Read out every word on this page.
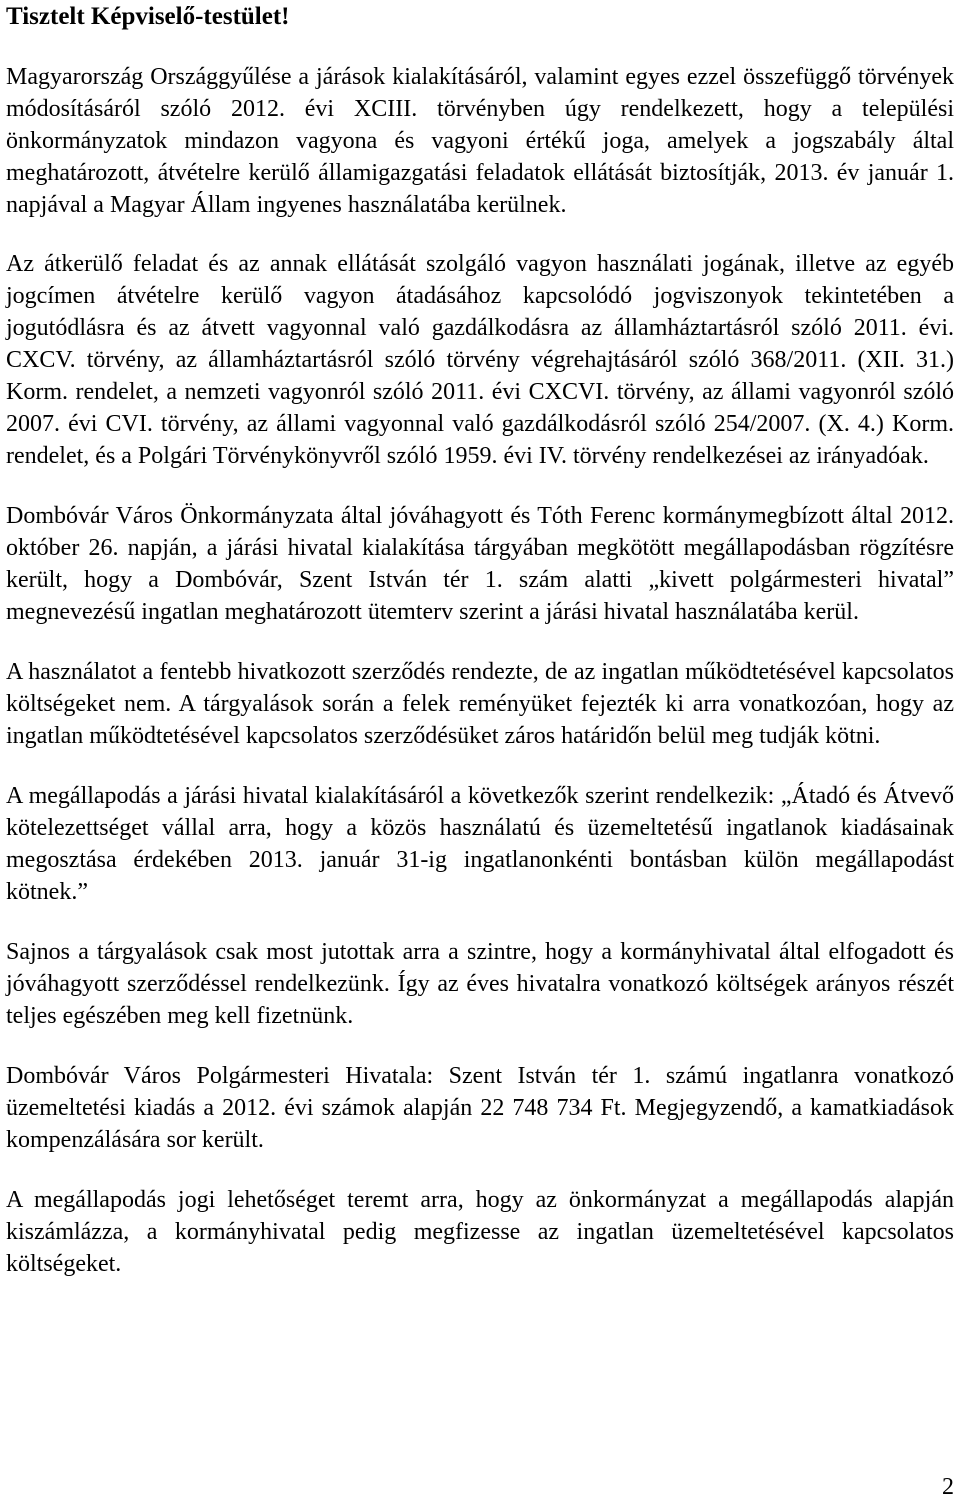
Tisztelt Képviselő-testület!

Magyarország Országgyűlése a járások kialakításáról, valamint egyes ezzel összefüggő törvények módosításáról szóló 2012. évi XCIII. törvényben úgy rendelkezett, hogy a települési önkormányzatok mindazon vagyona és vagyoni értékű joga, amelyek a jogszabály által meghatározott, átvételre kerülő államigazgatási feladatok ellátását biztosítják, 2013. év január 1. napjával a Magyar Állam ingyenes használatába kerülnek.

Az átkerülő feladat és az annak ellátását szolgáló vagyon használati jogának, illetve az egyéb jogcímen átvételre kerülő vagyon átadásához kapcsolódó jogviszonyok tekintetében a jogutódlásra és az átvett vagyonnal való gazdálkodásra az államháztartásról szóló 2011. évi. CXCV. törvény, az államháztartásról szóló törvény végrehajtásáról szóló 368/2011. (XII. 31.) Korm. rendelet, a nemzeti vagyonról szóló 2011. évi CXCVI. törvény, az állami vagyonról szóló 2007. évi CVI. törvény, az állami vagyonnal való gazdálkodásról szóló 254/2007. (X. 4.) Korm. rendelet, és a Polgári Törvénykönyvről szóló 1959. évi IV. törvény rendelkezései az irányadóak.

Dombóvár Város Önkormányzata által jóváhagyott és Tóth Ferenc kormánymegbízott által 2012. október 26. napján, a járási hivatal kialakítása tárgyában megkötött megállapodásban rögzítésre került, hogy a Dombóvár, Szent István tér 1. szám alatti „kivett polgármesteri hivatal” megnevezésű ingatlan meghatározott ütemterv szerint a járási hivatal használatába kerül.

A használatot a fentebb hivatkozott szerződés rendezte, de az ingatlan működtetésével kapcsolatos költségeket nem. A tárgyalások során a felek reményüket fejezték ki arra vonatkozóan, hogy az ingatlan működtetésével kapcsolatos szerződésüket záros határidőn belül meg tudják kötni.

A megállapodás a járási hivatal kialakításáról a következők szerint rendelkezik: „Átadó és Átvevő kötelezettséget vállal arra, hogy a közös használatú és üzemeltetésű ingatlanok kiadásainak megosztása érdekében 2013. január 31-ig ingatlanonkénti bontásban külön megállapodást kötnek.”

Sajnos a tárgyalások csak most jutottak arra a szintre, hogy a kormányhivatal által elfogadott és jóváhagyott szerződéssel rendelkezünk. Így az éves hivatalra vonatkozó költségek arányos részét teljes egészében meg kell fizetnünk.

Dombóvár Város Polgármesteri Hivatala: Szent István tér 1. számú ingatlanra vonatkozó üzemeltetési kiadás a 2012. évi számok alapján 22 748 734 Ft. Megjegyzendő, a kamatkiadások kompenzálására sor került.

A megállapodás jogi lehetőséget teremt arra, hogy az önkormányzat a megállapodás alapján kiszámlázza, a kormányhivatal pedig megfizesse az ingatlan üzemeltetésével kapcsolatos költségeket.

2
